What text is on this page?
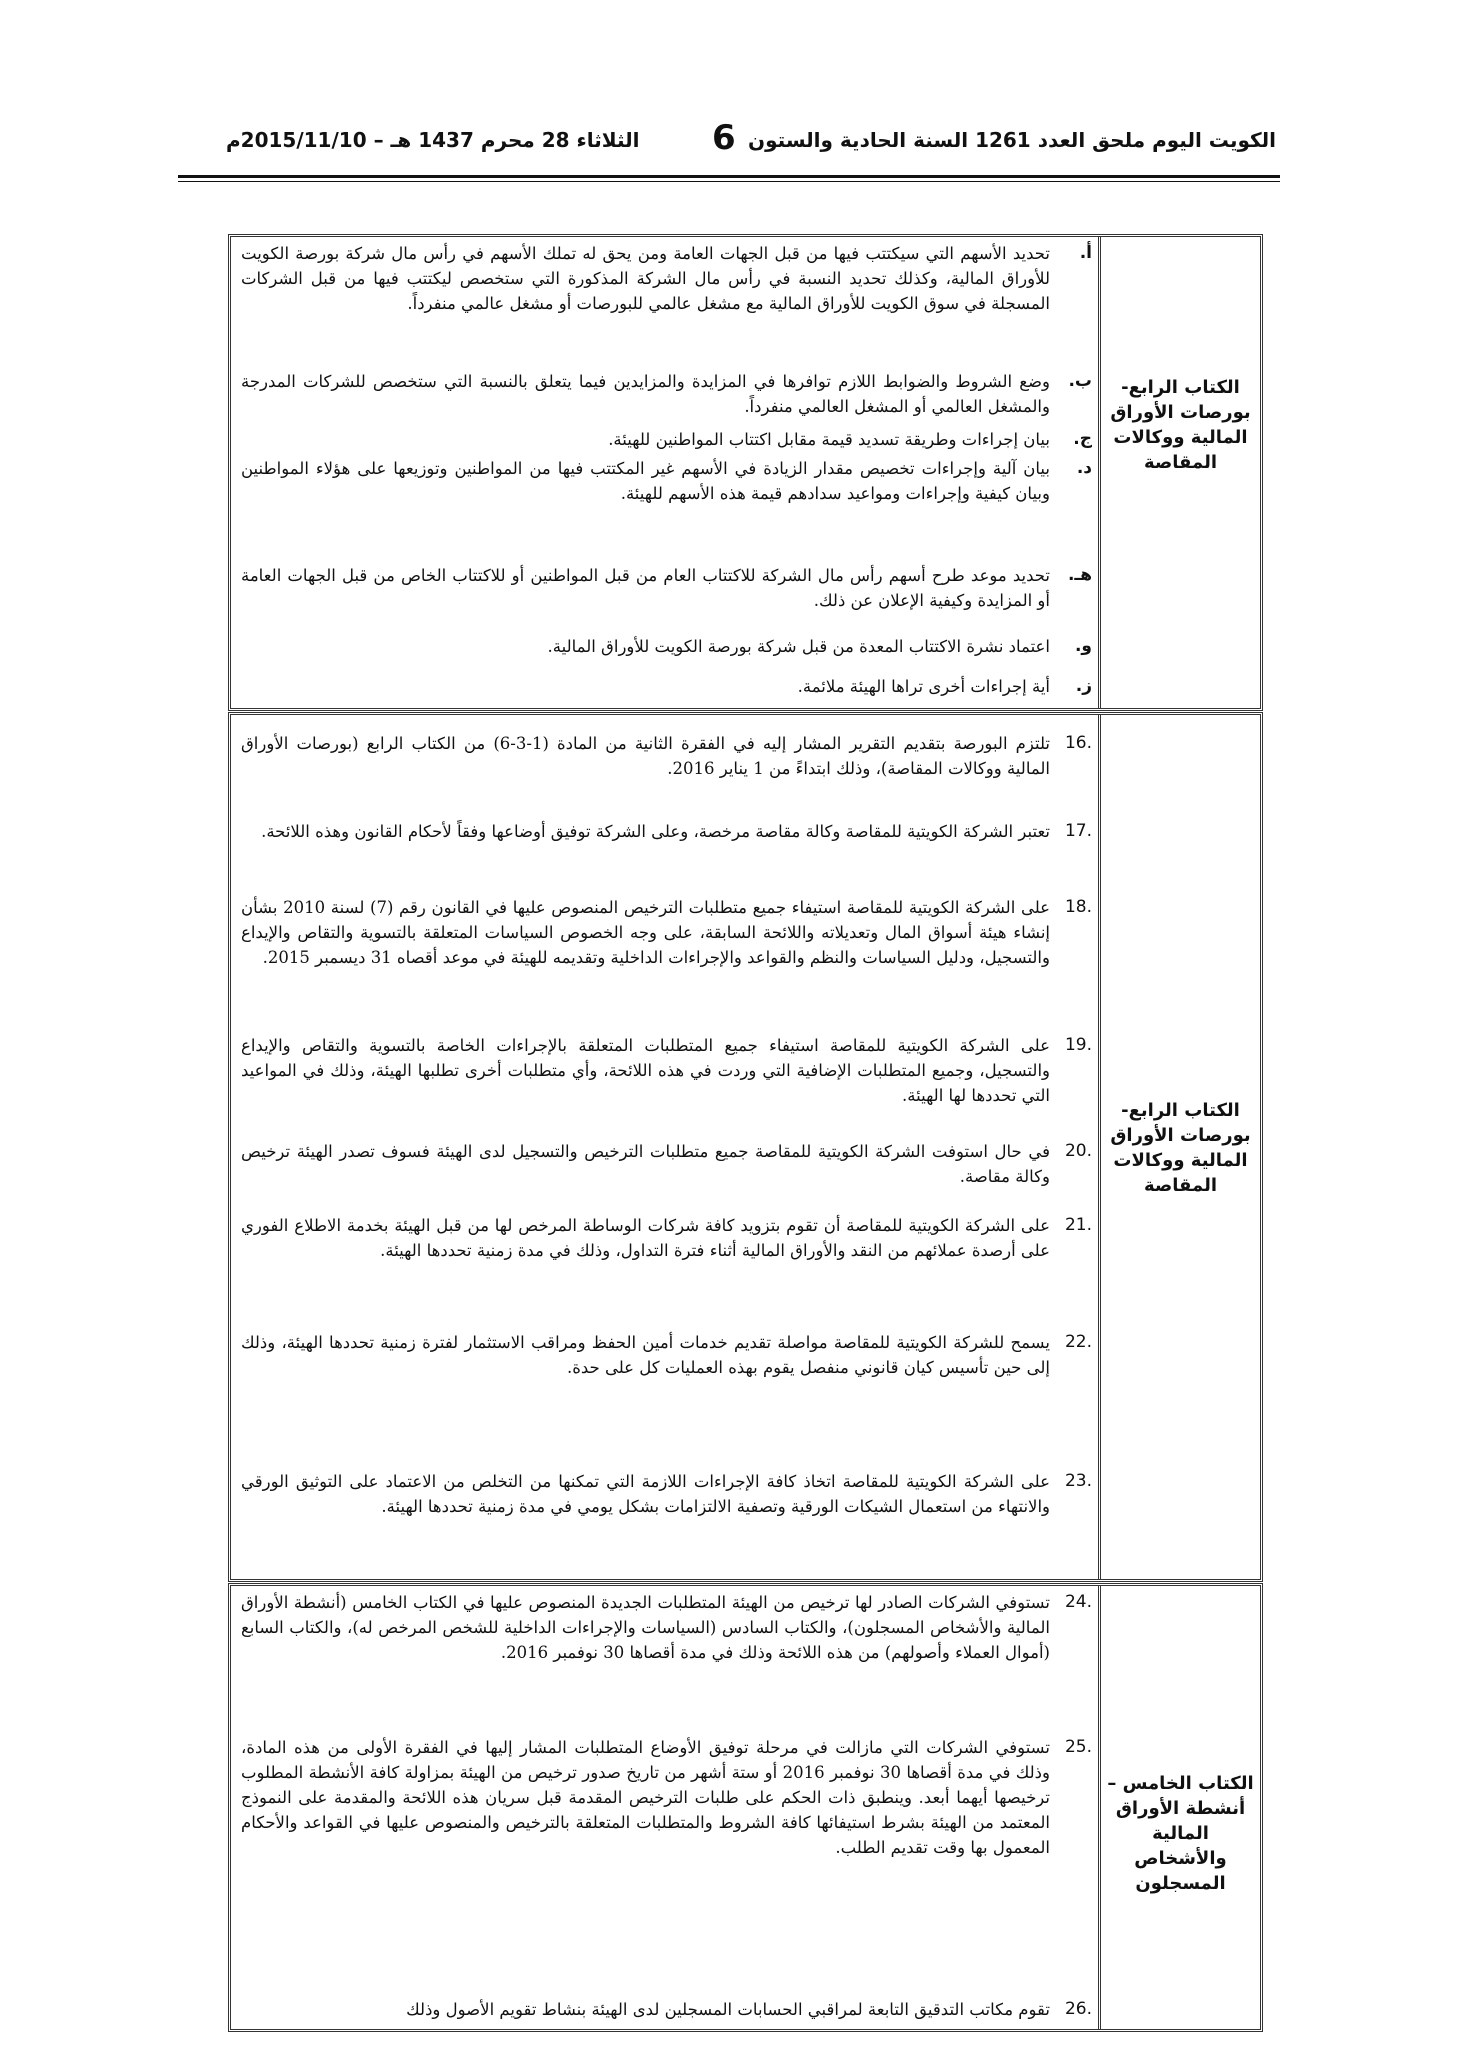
الكويت اليوم ملحق العدد 1261 السنة الحادية والستون
6
الثلاثاء 28 محرم 1437 هـ – 2015/11/10م
الكتاب الرابع- بورصات الأوراق المالية ووكالات المقاصة
أ.
تحديد الأسهم التي سيكتتب فيها من قبل الجهات العامة ومن يحق له تملك الأسهم في رأس مال شركة بورصة الكويت للأوراق المالية، وكذلك تحديد النسبة في رأس مال الشركة المذكورة التي ستخصص ليكتتب فيها من قبل الشركات المسجلة في سوق الكويت للأوراق المالية مع مشغل عالمي للبورصات أو مشغل عالمي منفرداً.
ب.
وضع الشروط والضوابط اللازم توافرها في المزايدة والمزايدين فيما يتعلق بالنسبة التي ستخصص للشركات المدرجة والمشغل العالمي أو المشغل العالمي منفرداً.
ج.
بيان إجراءات وطريقة تسديد قيمة مقابل اكتتاب المواطنين للهيئة.
د.
بيان آلية وإجراءات تخصيص مقدار الزيادة في الأسهم غير المكتتب فيها من المواطنين وتوزيعها على هؤلاء المواطنين وبيان كيفية وإجراءات ومواعيد سدادهم قيمة هذه الأسهم للهيئة.
هـ.
تحديد موعد طرح أسهم رأس مال الشركة للاكتتاب العام من قبل المواطنين أو للاكتتاب الخاص من قبل الجهات العامة أو المزايدة وكيفية الإعلان عن ذلك.
و.
اعتماد نشرة الاكتتاب المعدة من قبل شركة بورصة الكويت للأوراق المالية.
ز.
أية إجراءات أخرى تراها الهيئة ملائمة.
الكتاب الرابع- بورصات الأوراق المالية ووكالات المقاصة
16.
تلتزم البورصة بتقديم التقرير المشار إليه في الفقرة الثانية من المادة (1-3-6) من الكتاب الرابع (بورصات الأوراق المالية ووكالات المقاصة)، وذلك ابتداءً من 1 يناير 2016.
17.
تعتبر الشركة الكويتية للمقاصة وكالة مقاصة مرخصة، وعلى الشركة توفيق أوضاعها وفقاً لأحكام القانون وهذه اللائحة.
18.
على الشركة الكويتية للمقاصة استيفاء جميع متطلبات الترخيص المنصوص عليها في القانون رقم (7) لسنة 2010 بشأن إنشاء هيئة أسواق المال وتعديلاته واللائحة السابقة، على وجه الخصوص السياسات المتعلقة بالتسوية والتقاص والإيداع والتسجيل، ودليل السياسات والنظم والقواعد والإجراءات الداخلية وتقديمه للهيئة في موعد أقصاه 31 ديسمبر 2015.
19.
على الشركة الكويتية للمقاصة استيفاء جميع المتطلبات المتعلقة بالإجراءات الخاصة بالتسوية والتقاص والإيداع والتسجيل، وجميع المتطلبات الإضافية التي وردت في هذه اللائحة، وأي متطلبات أخرى تطلبها الهيئة، وذلك في المواعيد التي تحددها لها الهيئة.
20.
في حال استوفت الشركة الكويتية للمقاصة جميع متطلبات الترخيص والتسجيل لدى الهيئة فسوف تصدر الهيئة ترخيص وكالة مقاصة.
21.
على الشركة الكويتية للمقاصة أن تقوم بتزويد كافة شركات الوساطة المرخص لها من قبل الهيئة بخدمة الاطلاع الفوري على أرصدة عملائهم من النقد والأوراق المالية أثناء فترة التداول، وذلك في مدة زمنية تحددها الهيئة.
22.
يسمح للشركة الكويتية للمقاصة مواصلة تقديم خدمات أمين الحفظ ومراقب الاستثمار لفترة زمنية تحددها الهيئة، وذلك إلى حين تأسيس كيان قانوني منفصل يقوم بهذه العمليات كل على حدة.
23.
على الشركة الكويتية للمقاصة اتخاذ كافة الإجراءات اللازمة التي تمكنها من التخلص من الاعتماد على التوثيق الورقي والانتهاء من استعمال الشيكات الورقية وتصفية الالتزامات بشكل يومي في مدة زمنية تحددها الهيئة.
الكتاب الخامس – أنشطة الأوراق المالية والأشخاص المسجلون
24.
تستوفي الشركات الصادر لها ترخيص من الهيئة المتطلبات الجديدة المنصوص عليها في الكتاب الخامس (أنشطة الأوراق المالية والأشخاص المسجلون)، والكتاب السادس (السياسات والإجراءات الداخلية للشخص المرخص له)، والكتاب السابع (أموال العملاء وأصولهم) من هذه اللائحة وذلك في مدة أقصاها 30 نوفمبر 2016.
25.
تستوفي الشركات التي مازالت في مرحلة توفيق الأوضاع المتطلبات المشار إليها في الفقرة الأولى من هذه المادة، وذلك في مدة أقصاها 30 نوفمبر 2016 أو ستة أشهر من تاريخ صدور ترخيص من الهيئة بمزاولة كافة الأنشطة المطلوب ترخيصها أيهما أبعد. وينطبق ذات الحكم على طلبات الترخيص المقدمة قبل سريان هذه اللائحة والمقدمة على النموذج المعتمد من الهيئة بشرط استيفائها كافة الشروط والمتطلبات المتعلقة بالترخيص والمنصوص عليها في القواعد والأحكام المعمول بها وقت تقديم الطلب.
26.
تقوم مكاتب التدقيق التابعة لمراقبي الحسابات المسجلين لدى الهيئة بنشاط تقويم الأصول وذلك
